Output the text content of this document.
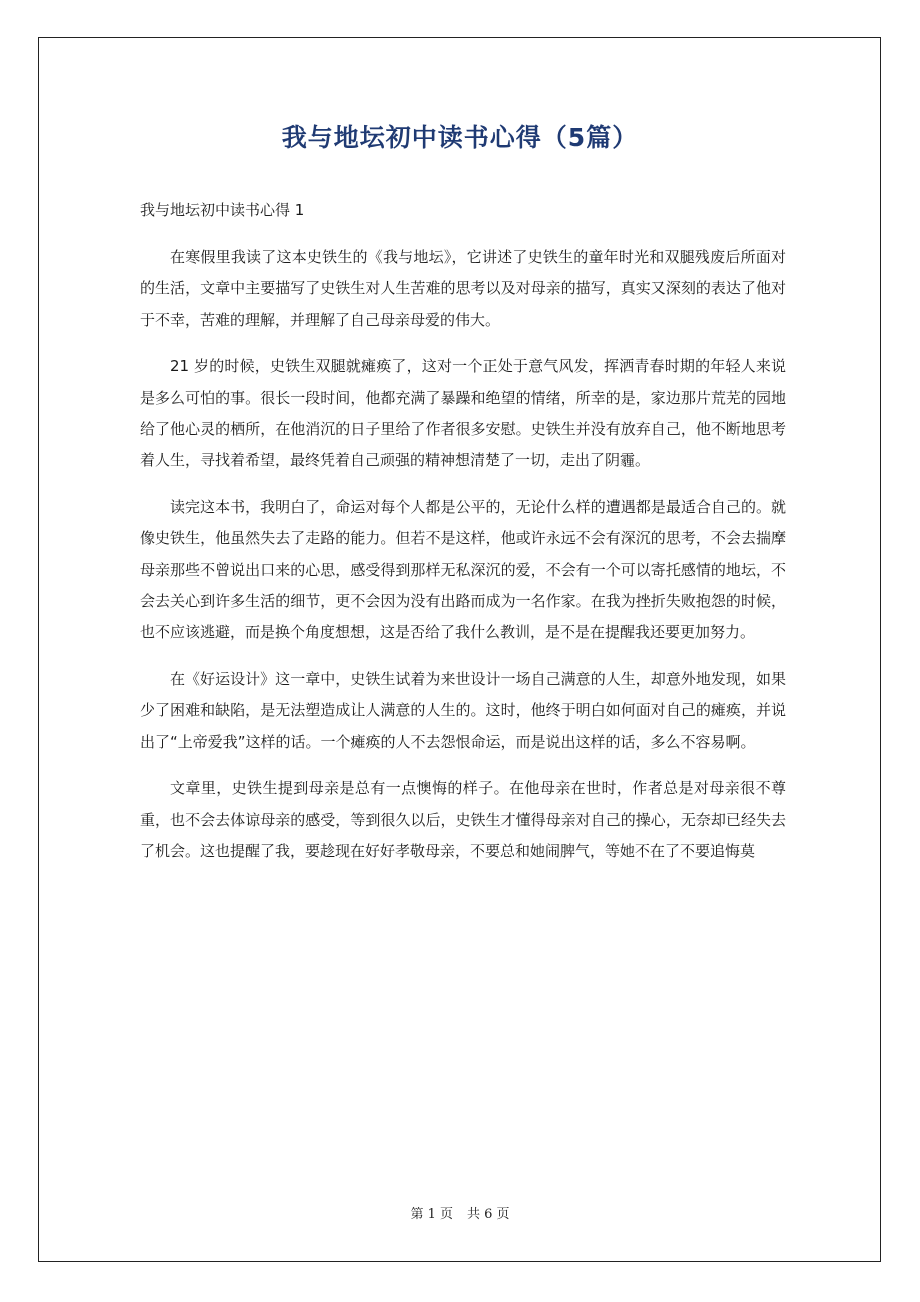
我与地坛初中读书心得（5篇）

我与地坛初中读书心得 1

在寒假里我读了这本史铁生的《我与地坛》，它讲述了史铁生的童年时光和双腿残废后所面对的生活，文章中主要描写了史铁生对人生苦难的思考以及对母亲的描写，真实又深刻的表达了他对于不幸，苦难的理解，并理解了自己母亲母爱的伟大。

21 岁的时候，史铁生双腿就瘫痪了，这对一个正处于意气风发，挥洒青春时期的年轻人来说是多么可怕的事。很长一段时间，他都充满了暴躁和绝望的情绪，所幸的是，家边那片荒芜的园地给了他心灵的栖所，在他消沉的日子里给了作者很多安慰。史铁生并没有放弃自己，他不断地思考着人生，寻找着希望，最终凭着自己顽强的精神想清楚了一切，走出了阴霾。

读完这本书，我明白了，命运对每个人都是公平的，无论什么样的遭遇都是最适合自己的。就像史铁生，他虽然失去了走路的能力。但若不是这样，他或许永远不会有深沉的思考，不会去揣摩母亲那些不曾说出口来的心思，感受得到那样无私深沉的爱，不会有一个可以寄托感情的地坛，不会去关心到许多生活的细节，更不会因为没有出路而成为一名作家。在我为挫折失败抱怨的时候，也不应该逃避，而是换个角度想想，这是否给了我什么教训，是不是在提醒我还要更加努力。

在《好运设计》这一章中，史铁生试着为来世设计一场自己满意的人生，却意外地发现，如果少了困难和缺陷，是无法塑造成让人满意的人生的。这时，他终于明白如何面对自己的瘫痪，并说出了“上帝爱我”这样的话。一个瘫痪的人不去怨恨命运，而是说出这样的话，多么不容易啊。

文章里，史铁生提到母亲是总有一点懊悔的样子。在他母亲在世时，作者总是对母亲很不尊重，也不会去体谅母亲的感受，等到很久以后，史铁生才懂得母亲对自己的操心，无奈却已经失去了机会。这也提醒了我，要趁现在好好孝敬母亲，不要总和她闹脾气，等她不在了不要追悔莫

第 1 页 共 6 页
